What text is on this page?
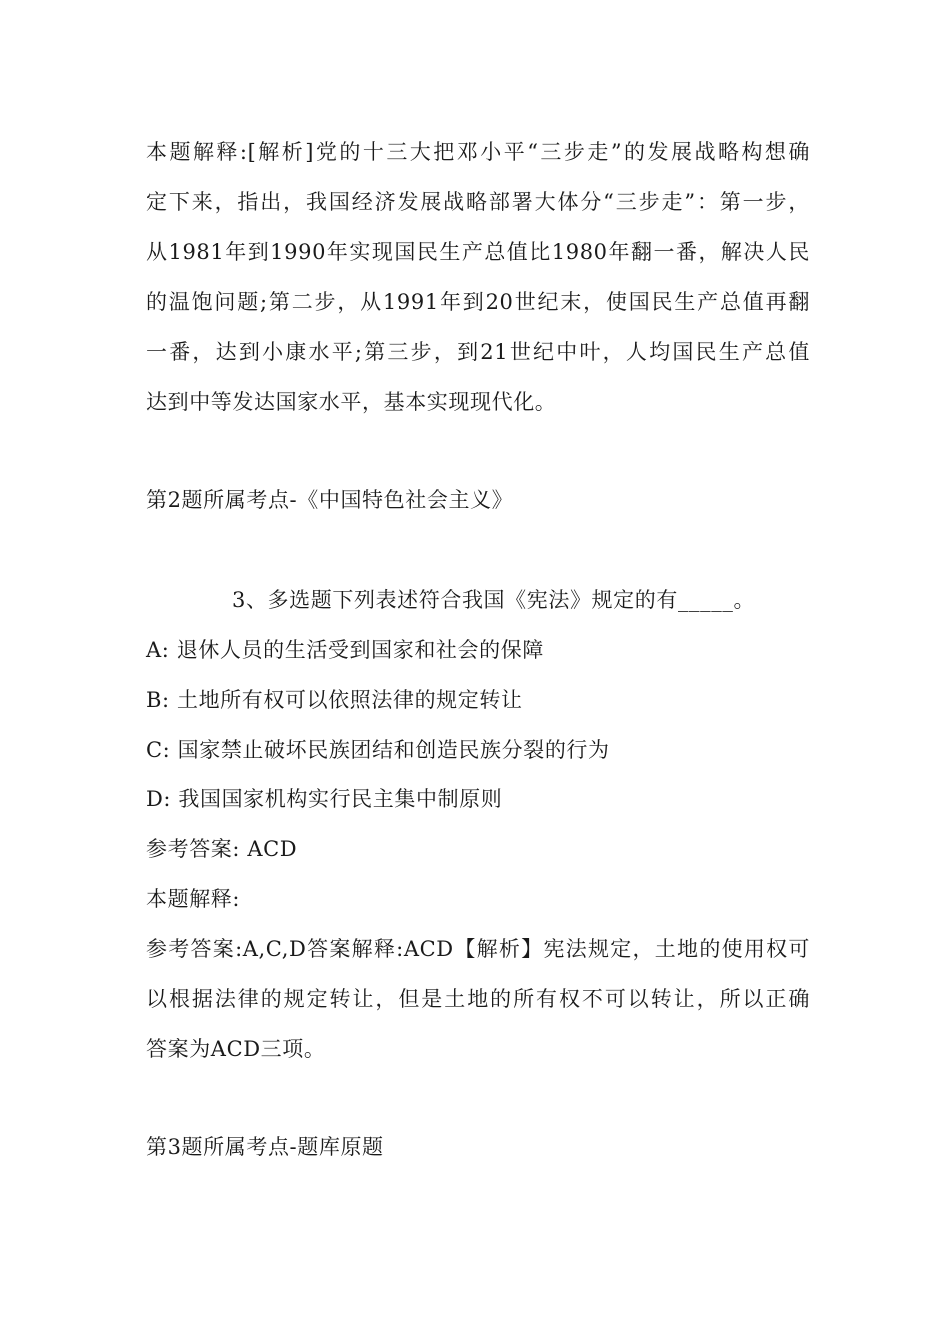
本题解释:[解析]党的十三大把邓小平“三步走”的发展战略构想确
定下来，指出，我国经济发展战略部署大体分“三步走”：第一步，
从1981年到1990年实现国民生产总值比1980年翻一番，解决人民
的温饱问题;第二步，从1991年到20世纪末，使国民生产总值再翻
一番，达到小康水平;第三步，到21世纪中叶，人均国民生产总值
达到中等发达国家水平，基本实现现代化。
第2题所属考点-《中国特色社会主义》
3、多选题下列表述符合我国《宪法》规定的有_____。
A: 退休人员的生活受到国家和社会的保障
B: 土地所有权可以依照法律的规定转让
C: 国家禁止破坏民族团结和创造民族分裂的行为
D: 我国国家机构实行民主集中制原则
参考答案: ACD
本题解释:
参考答案:A,C,D答案解释:ACD【解析】宪法规定，土地的使用权可
以根据法律的规定转让，但是土地的所有权不可以转让，所以正确
答案为ACD三项。
第3题所属考点-题库原题
